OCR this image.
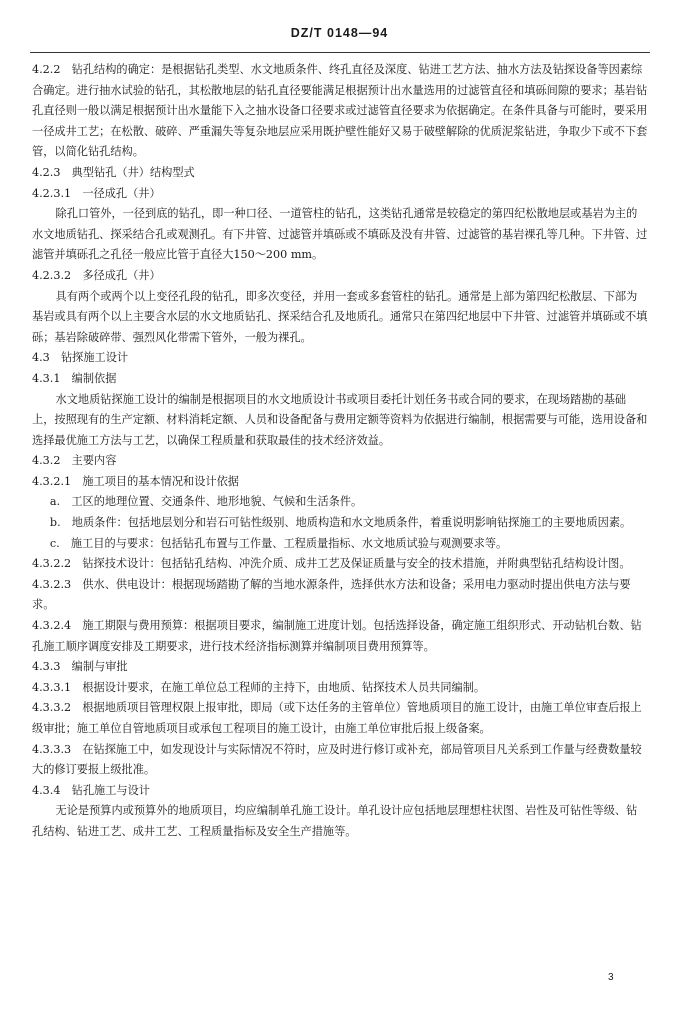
DZ/T 0148—94

4.2.2　钻孔结构的确定：是根据钻孔类型、水文地质条件、终孔直径及深度、钻进工艺方法、抽水方法及钻探设备等因素综合确定。进行抽水试验的钻孔，其松散地层的钻孔直径要能满足根据预计出水量选用的过滤管直径和填砾间隙的要求；基岩钻孔直径则一般以满足根据预计出水量能下入之抽水设备口径要求或过滤管直径要求为依据确定。在条件具备与可能时，要采用一径成井工艺；在松散、破碎、严重漏失等复杂地层应采用既护壁性能好又易于破壁解除的优质泥浆钻进，争取少下或不下套管，以简化钻孔结构。

4.2.3　典型钻孔（井）结构型式

4.2.3.1　一径成孔（井）

除孔口管外，一径到底的钻孔，即一种口径、一道管柱的钻孔，这类钻孔通常是较稳定的第四纪松散地层或基岩为主的水文地质钻孔、探采结合孔或观测孔。有下井管、过滤管并填砾或不填砾及没有井管、过滤管的基岩裸孔等几种。下井管、过滤管并填砾孔之孔径一般应比管于直径大150～200 mm。

4.2.3.2　多径成孔（井）

具有两个或两个以上变径孔段的钻孔，即多次变径，并用一套或多套管柱的钻孔。通常是上部为第四纪松散层、下部为基岩或具有两个以上主要含水层的水文地质钻孔、探采结合孔及地质孔。通常只在第四纪地层中下井管、过滤管并填砾或不填砾；基岩除破碎带、强烈风化带需下管外，一般为裸孔。

4.3　钻探施工设计

4.3.1　编制依据

水文地质钻探施工设计的编制是根据项目的水文地质设计书或项目委托计划任务书或合同的要求，在现场踏勘的基础上，按照现有的生产定额、材料消耗定额、人员和设备配备与费用定额等资料为依据进行编制，根据需要与可能，选用设备和选择最优施工方法与工艺，以确保工程质量和获取最佳的技术经济效益。

4.3.2　主要内容

4.3.2.1　施工项目的基本情况和设计依据

a.　工区的地理位置、交通条件、地形地貌、气候和生活条件。

b.　地质条件：包括地层划分和岩石可钻性级别、地质构造和水文地质条件，着重说明影响钻探施工的主要地质因素。

c.　施工目的与要求：包括钻孔布置与工作量、工程质量指标、水文地质试验与观测要求等。

4.3.2.2　钻探技术设计：包括钻孔结构、冲洗介质、成井工艺及保证质量与安全的技术措施，并附典型钻孔结构设计图。

4.3.2.3　供水、供电设计：根据现场踏勘了解的当地水源条件，选择供水方法和设备；采用电力驱动时提出供电方法与要求。

4.3.2.4　施工期限与费用预算：根据项目要求，编制施工进度计划。包括选择设备，确定施工组织形式、开动钻机台数、钻孔施工顺序调度安排及工期要求，进行技术经济指标测算并编制项目费用预算等。

4.3.3　编制与审批

4.3.3.1　根据设计要求，在施工单位总工程师的主持下，由地质、钻探技术人员共同编制。

4.3.3.2　根据地质项目管理权限上报审批，即局（或下达任务的主管单位）管地质项目的施工设计，由施工单位审查后报上级审批；施工单位自管地质项目或承包工程项目的施工设计，由施工单位审批后报上级备案。

4.3.3.3　在钻探施工中，如发现设计与实际情况不符时，应及时进行修订或补充，部局管项目凡关系到工作量与经费数量较大的修订要报上级批准。

4.3.4　钻孔施工与设计

无论是预算内或预算外的地质项目，均应编制单孔施工设计。单孔设计应包括地层理想柱状图、岩性及可钻性等级、钻孔结构、钻进工艺、成井工艺、工程质量指标及安全生产措施等。

3
